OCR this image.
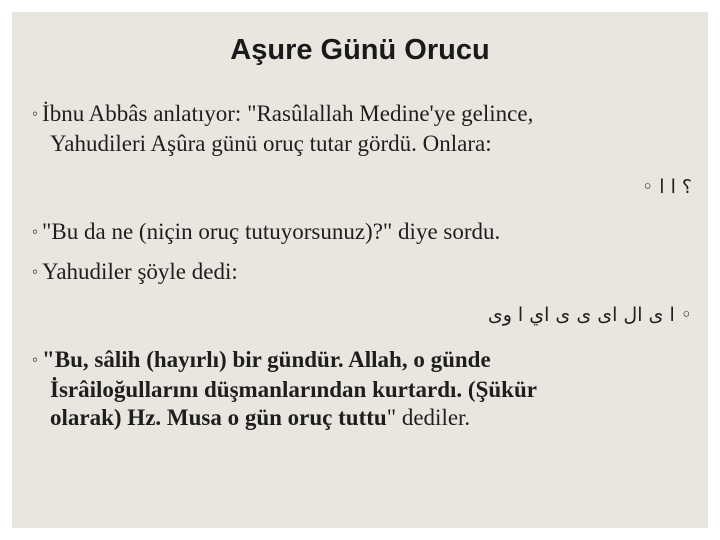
Aşure Günü Orucu

◦ İbnu Abbâs anlatıyor: "Rasûlallah Medine'ye gelince,
Yahudileri Aşûra günü oruç tutar gördü. Onlara:

؟ ا ا ◦

◦ "Bu da ne (niçin oruç tutuyorsunuz)?" diye sordu.

◦ Yahudiler şöyle dedi:

◦ ا ى ال اى ى ى اي ا وى

◦ "Bu, sâlih (hayırlı) bir gündür. Allah, o günde
İsrâiloğullarını düşmanlarından kurtardı. (Şükür
olarak) Hz. Musa o gün oruç tuttu" dediler.
